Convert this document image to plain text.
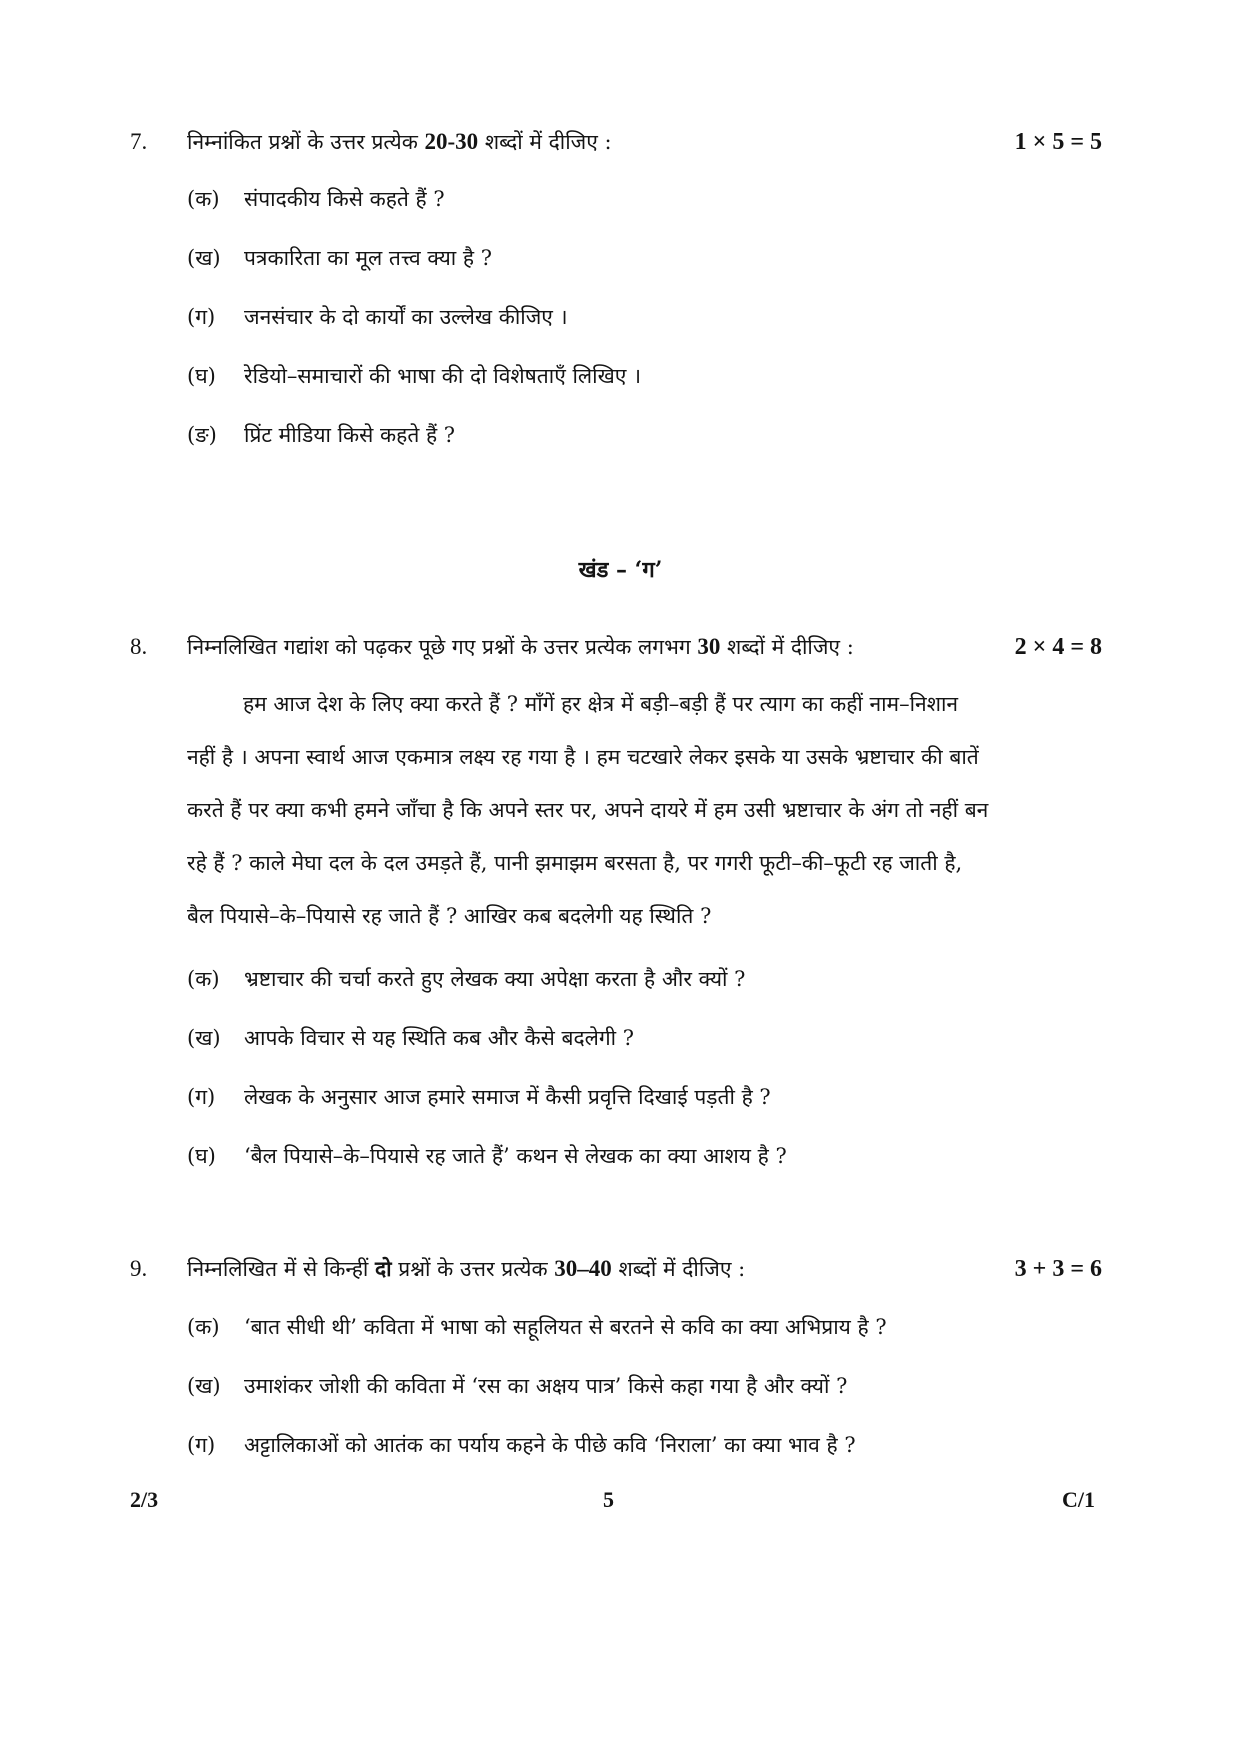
7. निम्नांकित प्रश्नों के उत्तर प्रत्येक 20-30 शब्दों में दीजिए :	1 × 5 = 5
(क) संपादकीय किसे कहते हैं ?
(ख) पत्रकारिता का मूल तत्त्व क्या है ?
(ग) जनसंचार के दो कार्यों का उल्लेख कीजिए ।
(घ) रेडियो–समाचारों की भाषा की दो विशेषताएँ लिखिए ।
(ङ) प्रिंट मीडिया किसे कहते हैं ?
खंड – ‘ग’
8. निम्नलिखित गद्यांश को पढ़कर पूछे गए प्रश्नों के उत्तर प्रत्येक लगभग 30 शब्दों में दीजिए :	2 × 4 = 8
हम आज देश के लिए क्या करते हैं ? माँगें हर क्षेत्र में बड़ी–बड़ी हैं पर त्याग का कहीं नाम–निशान
नहीं है । अपना स्वार्थ आज एकमात्र लक्ष्य रह गया है । हम चटखारे लेकर इसके या उसके भ्रष्टाचार की बातें
करते हैं पर क्या कभी हमने जाँचा है कि अपने स्तर पर, अपने दायरे में हम उसी भ्रष्टाचार के अंग तो नहीं बन
रहे हैं ? काले मेघा दल के दल उमड़ते हैं, पानी झमाझम बरसता है, पर गगरी फूटी–की–फूटी रह जाती है,
बैल पियासे–के–पियासे रह जाते हैं ? आखिर कब बदलेगी यह स्थिति ?
(क) भ्रष्टाचार की चर्चा करते हुए लेखक क्या अपेक्षा करता है और क्यों ?
(ख) आपके विचार से यह स्थिति कब और कैसे बदलेगी ?
(ग) लेखक के अनुसार आज हमारे समाज में कैसी प्रवृत्ति दिखाई पड़ती है ?
(घ) ‘बैल पियासे–के–पियासे रह जाते हैं’ कथन से लेखक का क्या आशय है ?
9. निम्नलिखित में से किन्हीं दो प्रश्नों के उत्तर प्रत्येक 30–40 शब्दों में दीजिए :	3 + 3 = 6
(क) ‘बात सीधी थी’ कविता में भाषा को सहूलियत से बरतने से कवि का क्या अभिप्राय है ?
(ख) उमाशंकर जोशी की कविता में ‘रस का अक्षय पात्र’ किसे कहा गया है और क्यों ?
(ग) अट्टालिकाओं को आतंक का पर्याय कहने के पीछे कवि ‘निराला’ का क्या भाव है ?
2/3	5	C/1
